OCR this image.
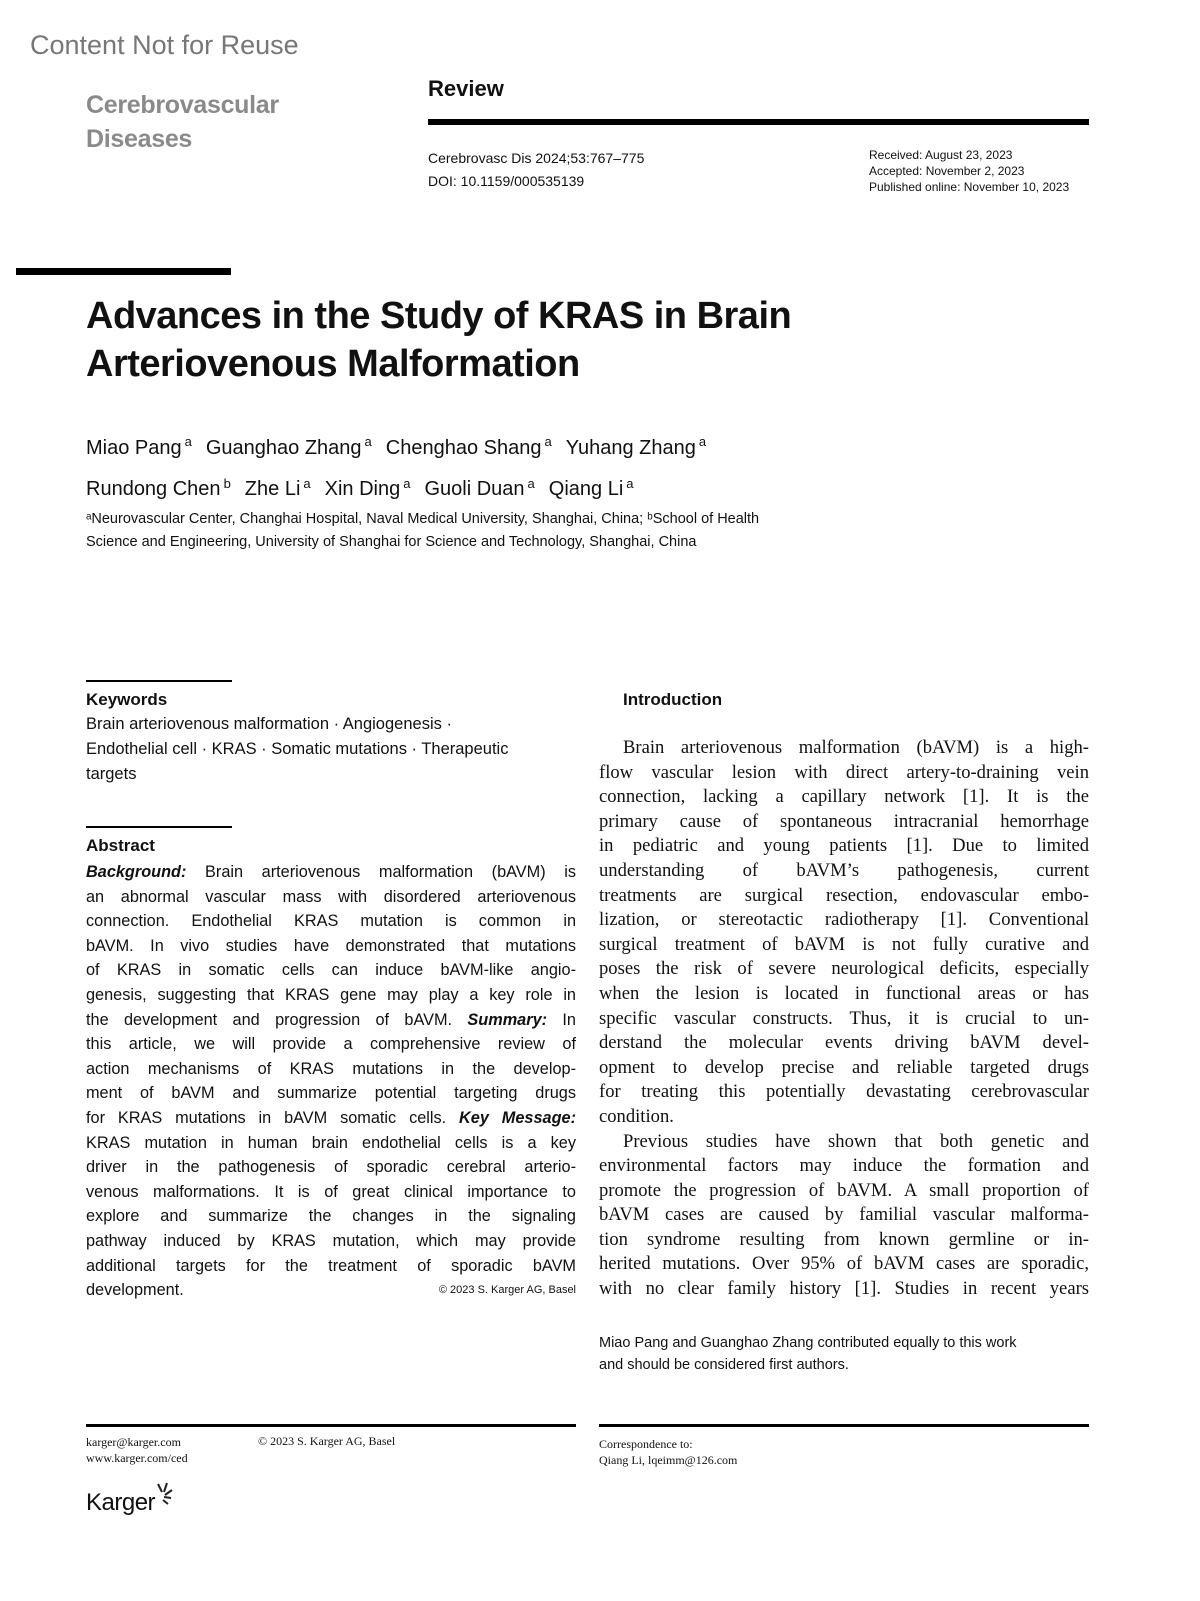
Content Not for Reuse
Cerebrovascular
Diseases
Review
Cerebrovasc Dis 2024;53:767–775
DOI: 10.1159/000535139
Received: August 23, 2023
Accepted: November 2, 2023
Published online: November 10, 2023
Advances in the Study of KRAS in Brain
Arteriovenous Malformation
Miao Pang $^a$ Guanghao Zhang $^a$ Chenghao Shang $^a$ Yuhang Zhang $^a$
Rundong Chen $^b$ Zhe Li $^a$ Xin Ding $^a$ Guoli Duan $^a$ Qiang Li $^a$
ᵃNeurovascular Center, Changhai Hospital, Naval Medical University, Shanghai, China; ᵇSchool of Health
Science and Engineering, University of Shanghai for Science and Technology, Shanghai, China
Keywords
Brain arteriovenous malformation · Angiogenesis ·
Endothelial cell · KRAS · Somatic mutations · Therapeutic
targets
Abstract
Background: Brain arteriovenous malformation (bAVM) is
an abnormal vascular mass with disordered arteriovenous
connection. Endothelial KRAS mutation is common in
bAVM. In vivo studies have demonstrated that mutations
of KRAS in somatic cells can induce bAVM-like angio-
genesis, suggesting that KRAS gene may play a key role in
the development and progression of bAVM. Summary: In
this article, we will provide a comprehensive review of
action mechanisms of KRAS mutations in the develop-
ment of bAVM and summarize potential targeting drugs
for KRAS mutations in bAVM somatic cells. Key Message:
KRAS mutation in human brain endothelial cells is a key
driver in the pathogenesis of sporadic cerebral arterio-
venous malformations. It is of great clinical importance to
explore and summarize the changes in the signaling
pathway induced by KRAS mutation, which may provide
additional targets for the treatment of sporadic bAVM
development.	© 2023 S. Karger AG, Basel
Introduction
Brain arteriovenous malformation (bAVM) is a high-
flow vascular lesion with direct artery-to-draining vein
connection, lacking a capillary network [1]. It is the
primary cause of spontaneous intracranial hemorrhage
in pediatric and young patients [1]. Due to limited
understanding of bAVM’s pathogenesis, current
treatments are surgical resection, endovascular embo-
lization, or stereotactic radiotherapy [1]. Conventional
surgical treatment of bAVM is not fully curative and
poses the risk of severe neurological deficits, especially
when the lesion is located in functional areas or has
specific vascular constructs. Thus, it is crucial to un-
derstand the molecular events driving bAVM devel-
opment to develop precise and reliable targeted drugs
for treating this potentially devastating cerebrovascular
condition.
Previous studies have shown that both genetic and
environmental factors may induce the formation and
promote the progression of bAVM. A small proportion of
bAVM cases are caused by familial vascular malforma-
tion syndrome resulting from known germline or in-
herited mutations. Over 95% of bAVM cases are sporadic,
with no clear family history [1]. Studies in recent years
Miao Pang and Guanghao Zhang contributed equally to this work
and should be considered first authors.
karger@karger.com
www.karger.com/ced
© 2023 S. Karger AG, Basel	Correspondence to:
Qiang Li, lqeimm@126.com
Karger
